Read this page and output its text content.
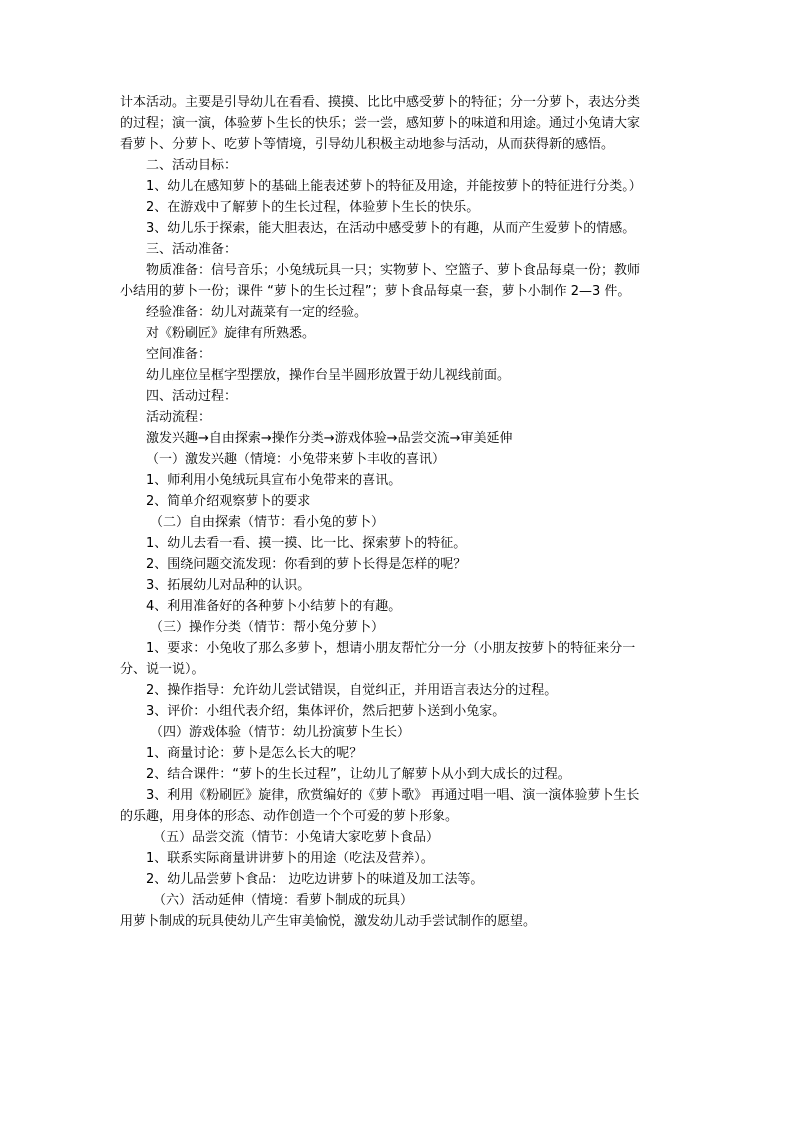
计本活动。主要是引导幼儿在看看、摸摸、比比中感受萝卜的特征；分一分萝卜，表达分类
的过程；演一演，体验萝卜生长的快乐；尝一尝，感知萝卜的味道和用途。通过小兔请大家
看萝卜、分萝卜、吃萝卜等情境，引导幼儿积极主动地参与活动，从而获得新的感悟。
二、活动目标：
1、幼儿在感知萝卜的基础上能表述萝卜的特征及用途，并能按萝卜的特征进行分类。）
2、在游戏中了解萝卜的生长过程，体验萝卜生长的快乐。
3、幼儿乐于探索，能大胆表达，在活动中感受萝卜的有趣，从而产生爱萝卜的情感。
三、活动准备：
物质准备：信号音乐；小兔绒玩具一只；实物萝卜、空篮子、萝卜食品每桌一份；教师
小结用的萝卜一份；课件 “萝卜的生长过程”；萝卜食品每桌一套，萝卜小制作 2—3 件。
经验准备：幼儿对蔬菜有一定的经验。
对《粉刷匠》旋律有所熟悉。
空间准备：
幼儿座位呈框字型摆放，操作台呈半圆形放置于幼儿视线前面。
四、活动过程：
活动流程：
激发兴趣→自由探索→操作分类→游戏体验→品尝交流→审美延伸
（一）激发兴趣（情境：小兔带来萝卜丰收的喜讯）
1、师利用小兔绒玩具宣布小兔带来的喜讯。
2、简单介绍观察萝卜的要求
（二）自由探索（情节：看小兔的萝卜）
1、幼儿去看一看、摸一摸、比一比、探索萝卜的特征。
2、围绕问题交流发现：你看到的萝卜长得是怎样的呢？
3、拓展幼儿对品种的认识。
4、利用准备好的各种萝卜小结萝卜的有趣。
（三）操作分类（情节：帮小兔分萝卜）
1、要求：小兔收了那么多萝卜，想请小朋友帮忙分一分（小朋友按萝卜的特征来分一
分、说一说）。
2、操作指导：允许幼儿尝试错误，自觉纠正，并用语言表达分的过程。
3、评价：小组代表介绍，集体评价，然后把萝卜送到小兔家。
（四）游戏体验（情节：幼儿扮演萝卜生长）
1、商量讨论：萝卜是怎么长大的呢？
2、结合课件：“萝卜的生长过程”，让幼儿了解萝卜从小到大成长的过程。
3、利用《粉刷匠》旋律，欣赏编好的《萝卜歌》 再通过唱一唱、演一演体验萝卜生长
的乐趣，用身体的形态、动作创造一个个可爱的萝卜形象。
（五）品尝交流（情节：小兔请大家吃萝卜食品）
1、联系实际商量讲讲萝卜的用途（吃法及营养）。
2、幼儿品尝萝卜食品： 边吃边讲萝卜的味道及加工法等。
（六）活动延伸（情境：看萝卜制成的玩具）
用萝卜制成的玩具使幼儿产生审美愉悦，激发幼儿动手尝试制作的愿望。
